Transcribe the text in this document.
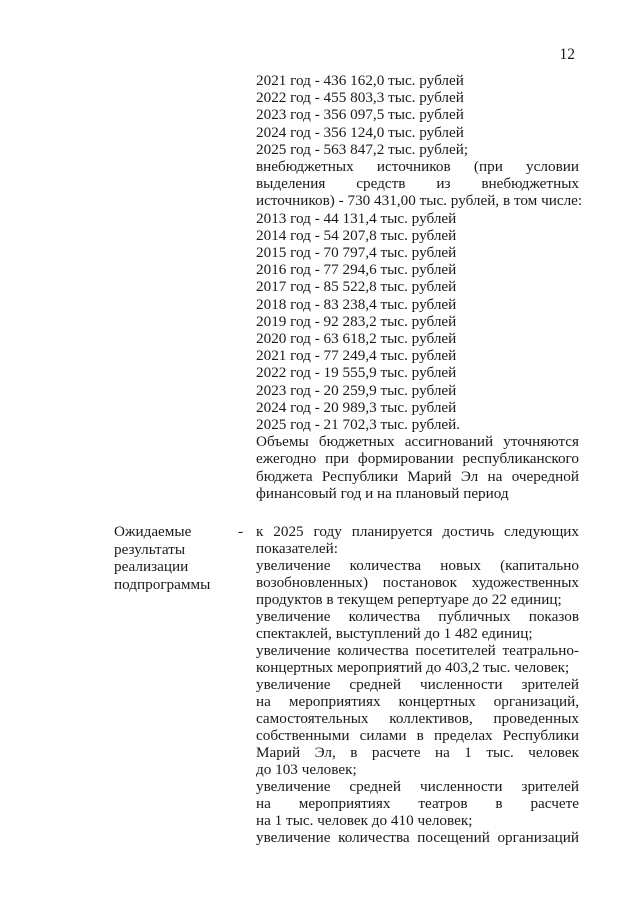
12
2021 год - 436 162,0 тыс. рублей
2022 год - 455 803,3 тыс. рублей
2023 год - 356 097,5 тыс. рублей
2024 год - 356 124,0 тыс. рублей
2025 год - 563 847,2 тыс. рублей;
внебюджетных источников (при условии
выделения средств из внебюджетных
источников) - 730 431,00 тыс. рублей, в том числе:
2013 год - 44 131,4 тыс. рублей
2014 год - 54 207,8 тыс. рублей
2015 год - 70 797,4 тыс. рублей
2016 год - 77 294,6 тыс. рублей
2017 год - 85 522,8 тыс. рублей
2018 год - 83 238,4 тыс. рублей
2019 год - 92 283,2 тыс. рублей
2020 год - 63 618,2 тыс. рублей
2021 год - 77 249,4 тыс. рублей
2022 год - 19 555,9 тыс. рублей
2023 год - 20 259,9 тыс. рублей
2024 год - 20 989,3 тыс. рублей
2025 год - 21 702,3 тыс. рублей.
Объемы бюджетных ассигнований уточняются
ежегодно при формировании республиканского
бюджета Республики Марий Эл на очередной
финансовый год и на плановый период
Ожидаемые
результаты
реализации
подпрограммы
- к 2025 году планируется достичь следующих
показателей:
увеличение количества новых (капитально
возобновленных) постановок художественных
продуктов в текущем репертуаре до 22 единиц;
увеличение количества публичных показов
спектаклей, выступлений до 1 482 единиц;
увеличение количества посетителей театрально-
концертных мероприятий до 403,2 тыс. человек;
увеличение средней численности зрителей
на мероприятиях концертных организаций,
самостоятельных коллективов, проведенных
собственными силами в пределах Республики
Марий Эл, в расчете на 1 тыс. человек
до 103 человек;
увеличение средней численности зрителей
на мероприятиях театров в расчете
на 1 тыс. человек до 410 человек;
увеличение количества посещений организаций
